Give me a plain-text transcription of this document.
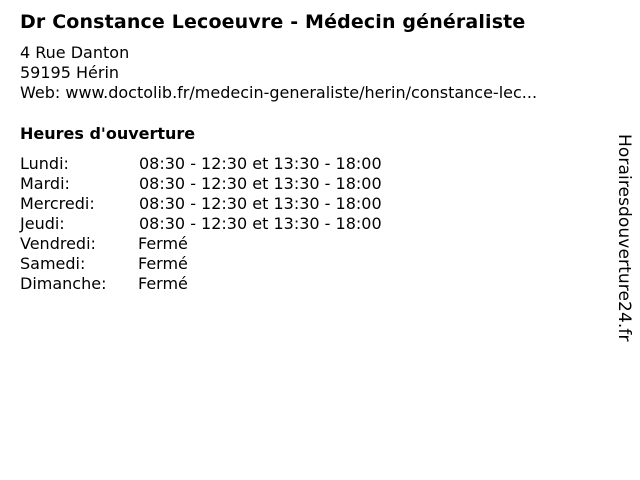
Dr Constance Lecoeuvre - Médecin généraliste
4 Rue Danton
59195 Hérin
Web: www.doctolib.fr/medecin-generaliste/herin/constance-lec...
Heures d'ouverture
Lundi:	08:30 - 12:30 et 13:30 - 18:00
Mardi:	08:30 - 12:30 et 13:30 - 18:00
Mercredi:	08:30 - 12:30 et 13:30 - 18:00
Jeudi:	08:30 - 12:30 et 13:30 - 18:00
Vendredi:	Fermé
Samedi:	Fermé
Dimanche:	Fermé	Horairesdouverture24.fr
